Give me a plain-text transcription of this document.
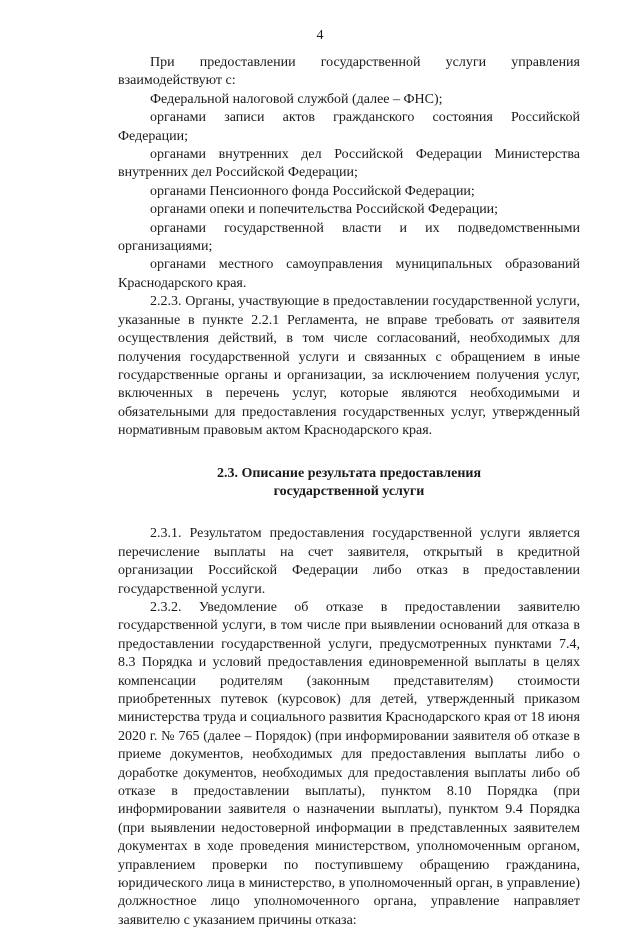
4

При предоставлении государственной услуги управления взаимодействуют с:

Федеральной налоговой службой (далее – ФНС);
органами записи актов гражданского состояния Российской Федерации;
органами внутренних дел Российской Федерации Министерства внутренних дел Российской Федерации;
органами Пенсионного фонда Российской Федерации;
органами опеки и попечительства Российской Федерации;
органами государственной власти и их подведомственными организациями;
органами местного самоуправления муниципальных образований Краснодарского края.

2.2.3. Органы, участвующие в предоставлении государственной услуги, указанные в пункте 2.2.1 Регламента, не вправе требовать от заявителя осуществления действий, в том числе согласований, необходимых для получения государственной услуги и связанных с обращением в иные государственные органы и организации, за исключением получения услуг, включенных в перечень услуг, которые являются необходимыми и обязательными для предоставления государственных услуг, утвержденный нормативным правовым актом Краснодарского края.

2.3. Описание результата предоставления
государственной услуги

2.3.1. Результатом предоставления государственной услуги является перечисление выплаты на счет заявителя, открытый в кредитной организации Российской Федерации либо отказ в предоставлении государственной услуги.

2.3.2. Уведомление об отказе в предоставлении заявителю государственной услуги, в том числе при выявлении оснований для отказа в предоставлении государственной услуги, предусмотренных пунктами 7.4, 8.3 Порядка и условий предоставления единовременной выплаты в целях компенсации родителям (законным представителям) стоимости приобретенных путевок (курсовок) для детей, утвержденный приказом министерства труда и социального развития Краснодарского края от 18 июня 2020 г. № 765 (далее – Порядок) (при информировании заявителя об отказе в приеме документов, необходимых для предоставления выплаты либо о доработке документов, необходимых для предоставления выплаты либо об отказе в предоставлении выплаты), пунктом 8.10 Порядка (при информировании заявителя о назначении выплаты), пунктом 9.4 Порядка (при выявлении недостоверной информации в представленных заявителем документах в ходе проведения министерством, уполномоченным органом, управлением проверки по поступившему обращению гражданина, юридического лица в министерство, в уполномоченный орган, в управление) должностное лицо уполномоченного органа, управление направляет заявителю с указанием причины отказа:
